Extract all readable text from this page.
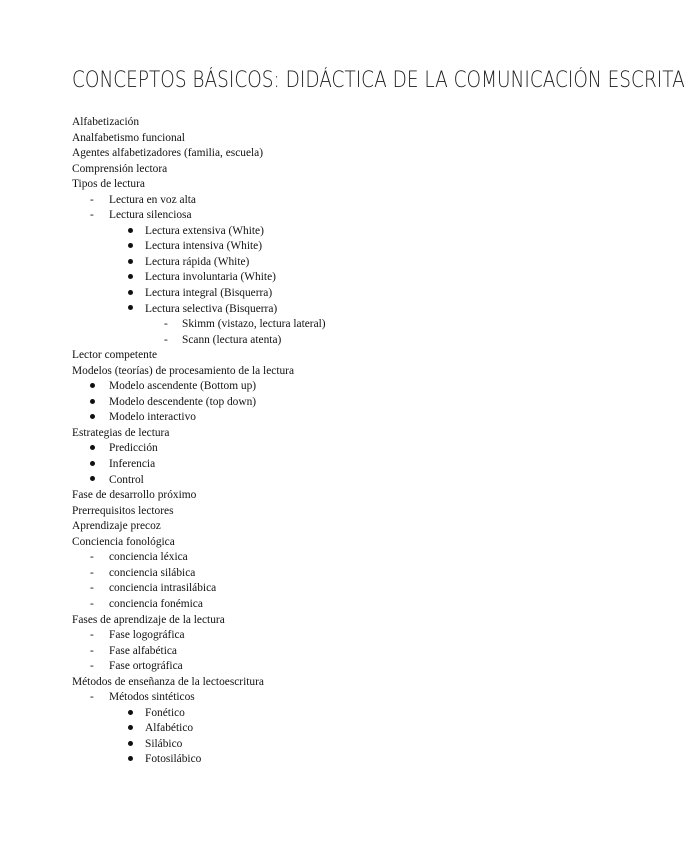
CONCEPTOS BÁSICOS: DIDÁCTICA DE LA COMUNICACIÓN ESCRITA
Alfabetización
Analfabetismo funcional
Agentes alfabetizadores (familia, escuela)
Comprensión lectora
Tipos de lectura
- Lectura en voz alta
- Lectura silenciosa
Lectura extensiva (White)
Lectura intensiva (White)
Lectura rápida (White)
Lectura involuntaria (White)
Lectura integral (Bisquerra)
Lectura selectiva (Bisquerra)
- Skimm (vistazo, lectura lateral)
- Scann (lectura atenta)
Lector competente
Modelos (teorías) de procesamiento de la lectura
Modelo ascendente (Bottom up)
Modelo descendente (top down)
Modelo interactivo
Estrategias de lectura
Predicción
Inferencia
Control
Fase de desarrollo próximo
Prerrequisitos lectores
Aprendizaje precoz
Conciencia fonológica
- conciencia léxica
- conciencia silábica
- conciencia intrasilábica
- conciencia fonémica
Fases de aprendizaje de la lectura
- Fase logográfica
- Fase alfabética
- Fase ortográfica
Métodos de enseñanza de la lectoescritura
- Métodos sintéticos
Fonético
Alfabético
Silábico
Fotosilábico
